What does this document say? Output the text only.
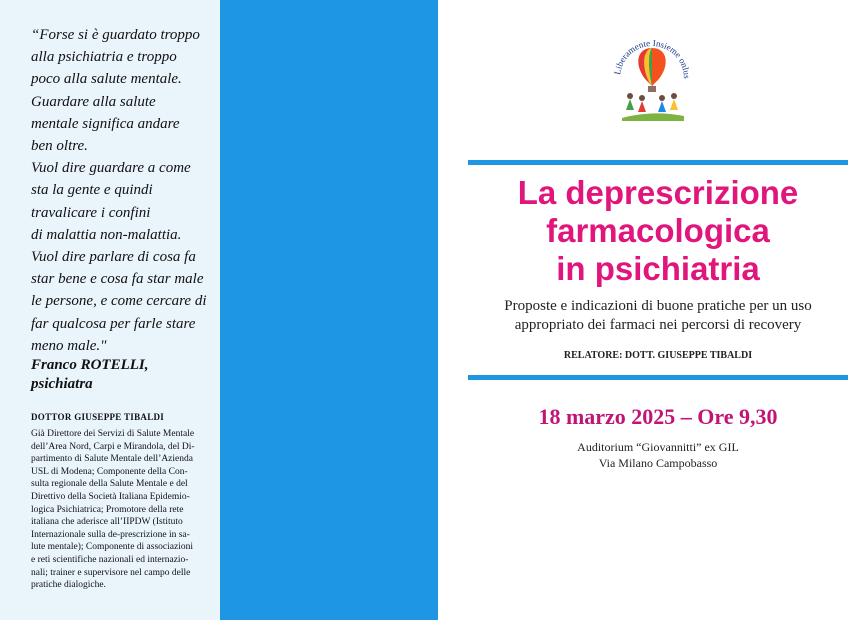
“Forse si è guardato troppo
alla psichiatria e troppo
poco alla salute mentale.
Guardare alla salute
mentale significa andare
ben oltre.
Vuol dire guardare a come
sta la gente e quindi
travalicare i confini
di malattia non-malattia.
Vuol dire parlare di cosa fa
star bene e cosa fa star male
le persone, e come cercare di
far qualcosa per farle stare
meno male."
Franco ROTELLI,
psichiatra
DOTTOR GIUSEPPE TIBALDI
Già Direttore dei Servizi di Salute Mentale
dell’Area Nord, Carpi e Mirandola, del Di-
partimento di Salute Mentale dell’Azienda
USL di Modena; Componente della Con-
sulta regionale della Salute Mentale e del
Direttivo della Società Italiana Epidemio-
logica Psichiatrica; Promotore della rete
italiana che aderisce all’IIPDW (Istituto
Internazionale sulla de-prescrizione in sa-
lute mentale); Componente di associazioni
e reti scientifiche nazionali ed internazio-
nali; trainer e supervisore nel campo delle
pratiche dialogiche.
Liberamente Insieme onlus
La deprescrizione
farmacologica
in psichiatria
Proposte e indicazioni di buone pratiche per un uso
appropriato dei farmaci nei percorsi di recovery
RELATORE: DOTT. GIUSEPPE TIBALDI
18 marzo 2025 – Ore 9,30
Auditorium “Giovannitti” ex GIL
Via Milano Campobasso
